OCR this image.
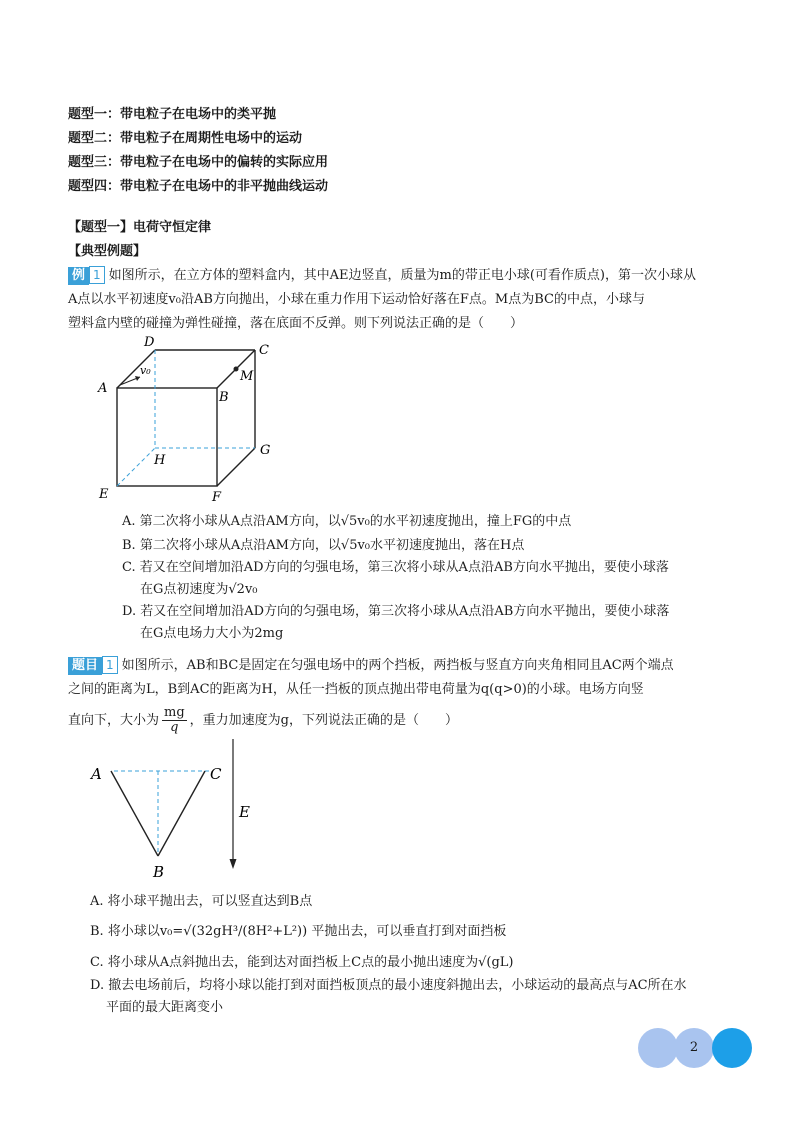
题型一：带电粒子在电场中的类平抛
题型二：带电粒子在周期性电场中的运动
题型三：带电粒子在电场中的偏转的实际应用
题型四：带电粒子在电场中的非平抛曲线运动
【题型一】电荷守恒定律
【典型例题】
例 1 如图所示，在立方体的塑料盒内，其中AE边竖直，质量为m的带正电小球(可看作质点)，第一次小球从
A点以水平初速度v₀沿AB方向抛出，小球在重力作用下运动恰好落在F点。M点为BC的中点，小球与
塑料盒内壁的碰撞为弹性碰撞，落在底面不反弹。则下列说法正确的是（　　）
A
B
C
D
E	F
G
H
M
v₀
A. 第二次将小球从A点沿AM方向，以√5v₀的水平初速度抛出，撞上FG的中点
B. 第二次将小球从A点沿AM方向，以√5v₀水平初速度抛出，落在H点
C. 若又在空间增加沿AD方向的匀强电场，第三次将小球从A点沿AB方向水平抛出，要使小球落
在G点初速度为√2v₀
D. 若又在空间增加沿AD方向的匀强电场，第三次将小球从A点沿AB方向水平抛出，要使小球落
在G点电场力大小为2mg
题目 1 如图所示，AB和BC是固定在匀强电场中的两个挡板，两挡板与竖直方向夹角相同且AC两个端点
之间的距离为L，B到AC的距离为H，从任一挡板的顶点抛出带电荷量为q(q>0)的小球。电场方向竖
直向下，大小为 $\frac{mg}{q}$ ，重力加速度为g，下列说法正确的是（　　）
A	C
B
E
A. 将小球平抛出去，可以竖直达到B点
B. 将小球以v₀=√(32gH³/(8H²+L²)) 平抛出去，可以垂直打到对面挡板
C. 将小球从A点斜抛出去，能到达对面挡板上C点的最小抛出速度为√(gL)
D. 撤去电场前后，均将小球以能打到对面挡板顶点的最小速度斜抛出去，小球运动的最高点与AC所在水
平面的最大距离变小
2
